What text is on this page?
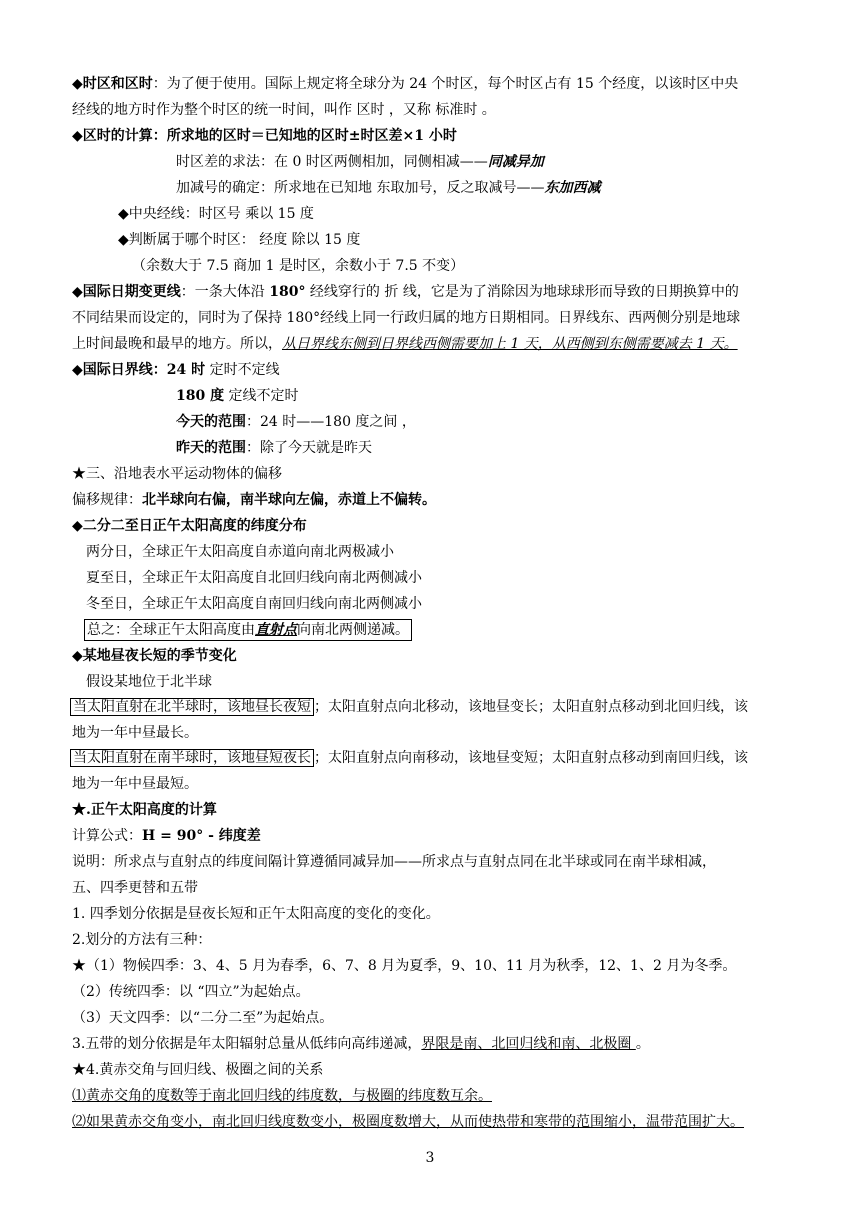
◆时区和区时：为了便于使用。国际上规定将全球分为 24 个时区，每个时区占有 15 个经度，以该时区中央
经线的地方时作为整个时区的统一时间，叫作 区时 ，又称 标准时 。
◆区时的计算：所求地的区时＝已知地的区时±时区差×1 小时
时区差的求法：在 0 时区两侧相加，同侧相减——同减异加
加减号的确定：所求地在已知地 东取加号，反之取减号——东加西减
◆中央经线：时区号 乘以 15 度
◆判断属于哪个时区： 经度 除以 15 度
（余数大于 7.5 商加 1 是时区，余数小于 7.5 不变）
◆国际日期变更线：一条大体沿 180° 经线穿行的 折 线，它是为了消除因为地球球形而导致的日期换算中的
不同结果而设定的，同时为了保持 180°经线上同一行政归属的地方日期相同。日界线东、西两侧分别是地球
上时间最晚和最早的地方。所以，从日界线东侧到日界线西侧需要加上 1 天，从西侧到东侧需要减去 1 天。
◆国际日界线：24 时 定时不定线
180 度 定线不定时
今天的范围：24 时——180 度之间 ，
昨天的范围：除了今天就是昨天
★三、沿地表水平运动物体的偏移
偏移规律：北半球向右偏，南半球向左偏，赤道上不偏转。
◆二分二至日正午太阳高度的纬度分布
两分日，全球正午太阳高度自赤道向南北两极减小
夏至日，全球正午太阳高度自北回归线向南北两侧减小
冬至日，全球正午太阳高度自南回归线向南北两侧减小
总之：全球正午太阳高度由直射点向南北两侧递减。
◆某地昼夜长短的季节变化
假设某地位于北半球
当太阳直射在北半球时，该地昼长夜短 ；太阳直射点向北移动，该地昼变长；太阳直射点移动到北回归线，该
地为一年中昼最长。
当太阳直射在南半球时，该地昼短夜长 ；太阳直射点向南移动，该地昼变短；太阳直射点移动到南回归线，该
地为一年中昼最短。
★.正午太阳高度的计算
计算公式：H = 90° - 纬度差
说明：所求点与直射点的纬度间隔计算遵循同减异加——所求点与直射点同在北半球或同在南半球相减，
五、四季更替和五带
1. 四季划分依据是昼夜长短和正午太阳高度的变化的变化。
2.划分的方法有三种：
★（1）物候四季：3、4、5 月为春季，6、7、8 月为夏季，9、10、11 月为秋季，12、1、2 月为冬季。
（2）传统四季：以 “四立”为起始点。
（3）天文四季：以“二分二至”为起始点。
3.五带的划分依据是年太阳辐射总量从低纬向高纬递减，界限是南、北回归线和南、北极圈 。
★4.黄赤交角与回归线、极圈之间的关系
⑴黄赤交角的度数等于南北回归线的纬度数，与极圈的纬度数互余。
⑵如果黄赤交角变小，南北回归线度数变小，极圈度数增大，从而使热带和寒带的范围缩小，温带范围扩大。
3
